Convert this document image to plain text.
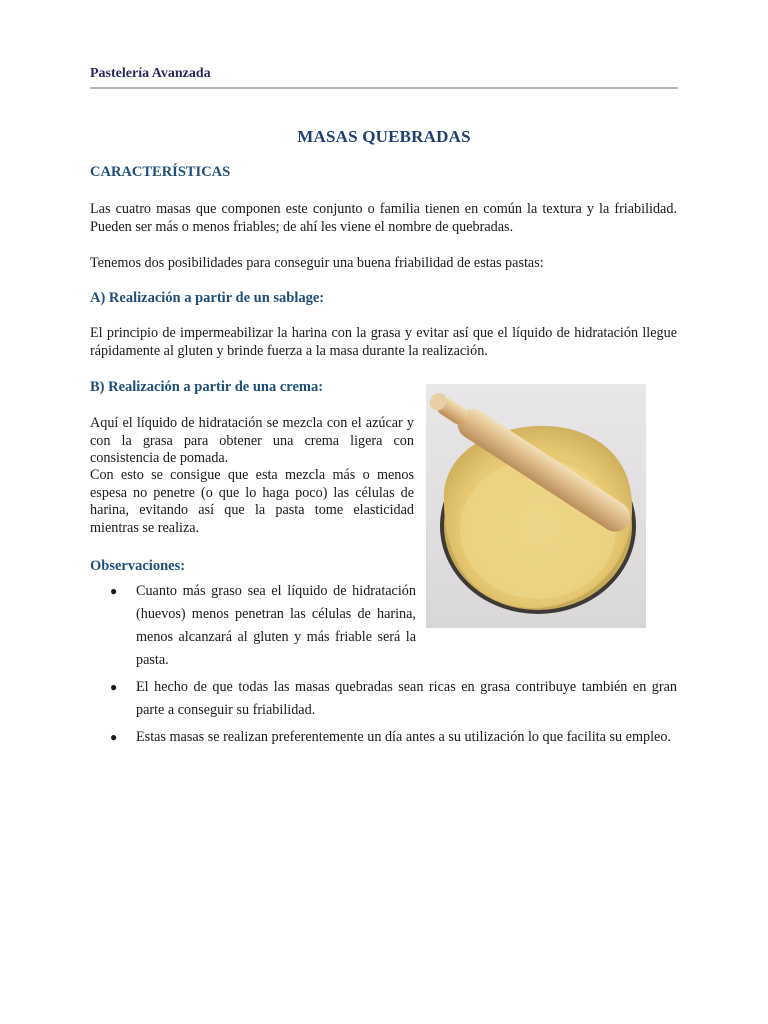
Pastelería Avanzada
MASAS QUEBRADAS
CARACTERÍSTICAS
Las cuatro masas que componen este conjunto o familia tienen en común la textura y la friabilidad. Pueden ser más o menos friables; de ahí les viene el nombre de quebradas.
Tenemos dos posibilidades para conseguir una buena friabilidad de estas pastas:
A) Realización a partir de un sablage:
El principio de impermeabilizar la harina con la grasa y evitar así que el líquido de hidratación llegue rápidamente al gluten y brinde fuerza a la masa durante la realización.
B) Realización a partir de una crema:
Aquí el líquido de hidratación se mezcla con el azúcar y con la grasa para obtener una crema ligera con consistencia de pomada.
Con esto se consigue que esta mezcla más o menos espesa no penetre (o que lo haga poco) las células de harina, evitando así que la pasta tome elasticidad mientras se realiza.
Observaciones:
● Cuanto más graso sea el líquido de hidratación (huevos) menos penetran las células de harina, menos alcanzará al gluten y más friable será la pasta.
● El hecho de que todas las masas quebradas sean ricas en grasa contribuye también en gran parte a conseguir su friabilidad.
● Estas masas se realizan preferentemente un día antes a su utilización lo que facilita su empleo.
